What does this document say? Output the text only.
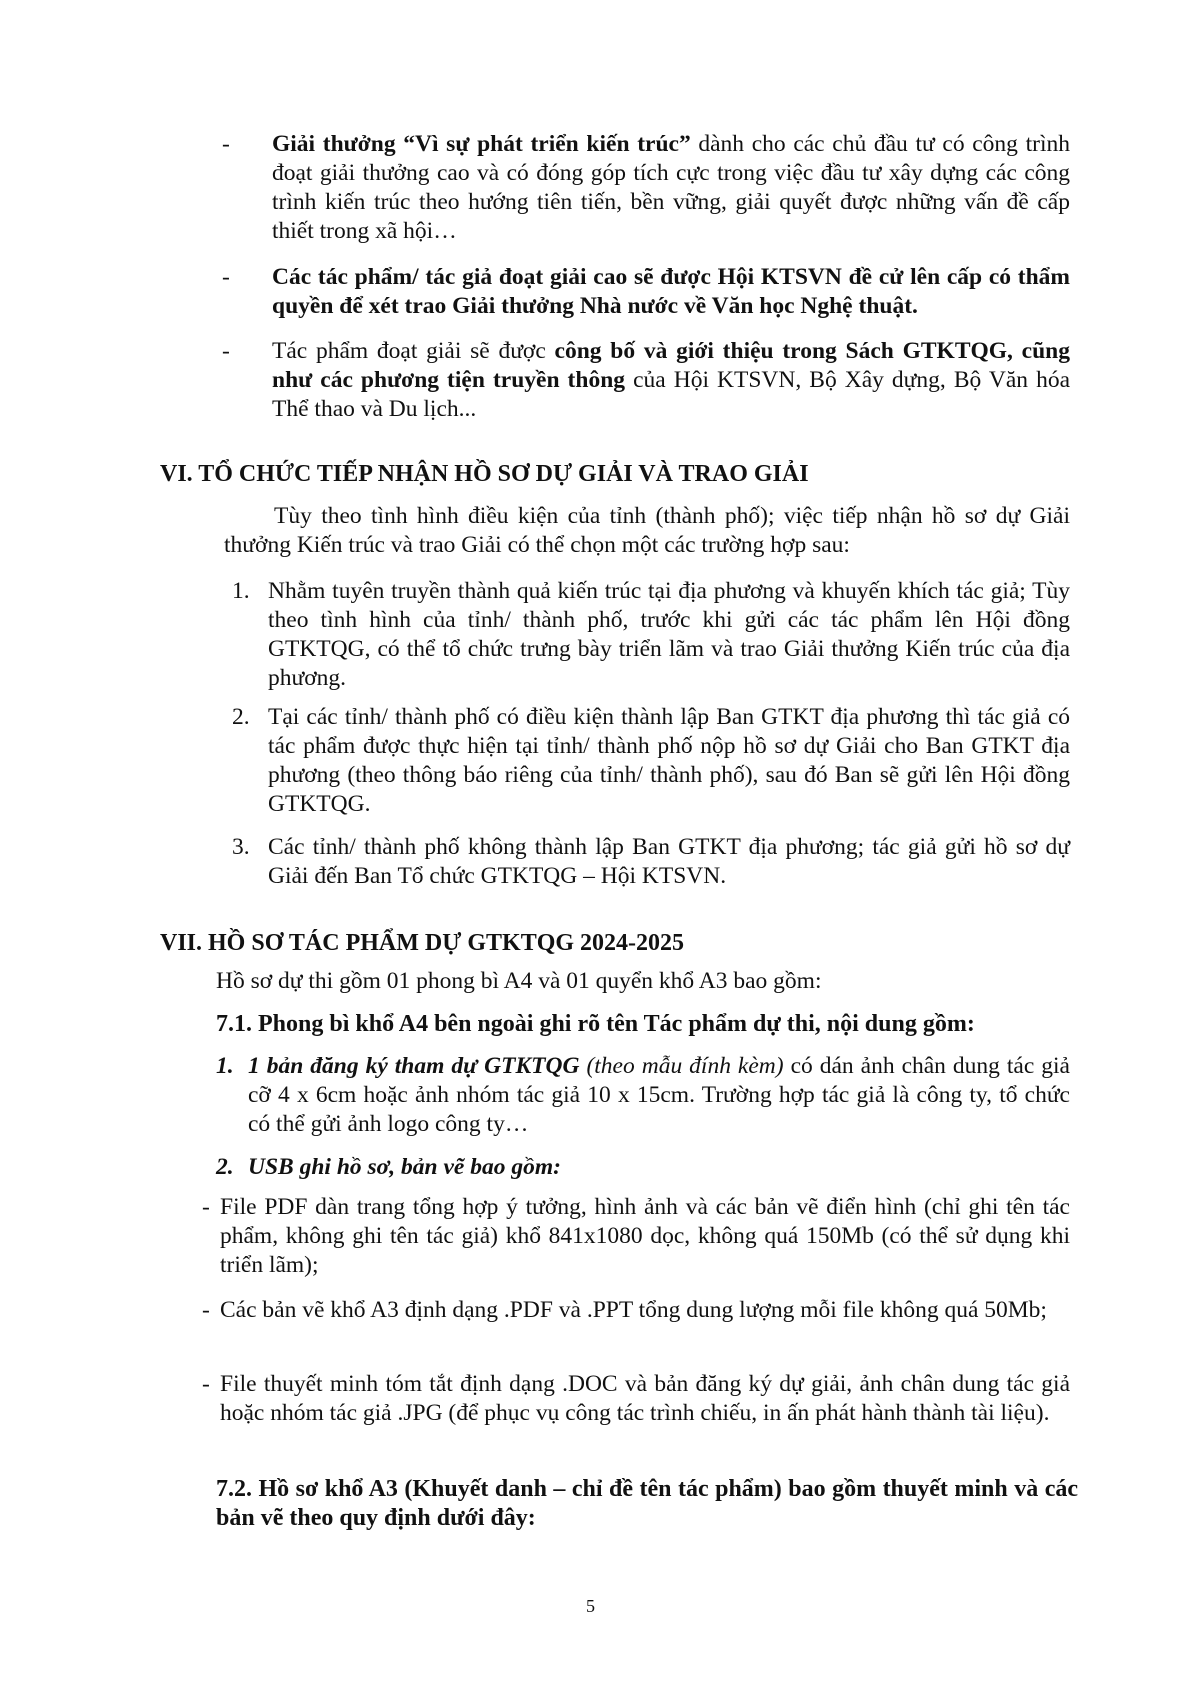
- Giải thưởng “Vì sự phát triển kiến trúc” dành cho các chủ đầu tư có công trình đoạt giải thưởng cao và có đóng góp tích cực trong việc đầu tư xây dựng các công trình kiến trúc theo hướng tiên tiến, bền vững, giải quyết được những vấn đề cấp thiết trong xã hội…
- Các tác phẩm/ tác giả đoạt giải cao sẽ được Hội KTSVN đề cử lên cấp có thẩm quyền để xét trao Giải thưởng Nhà nước về Văn học Nghệ thuật.
- Tác phẩm đoạt giải sẽ được công bố và giới thiệu trong Sách GTKTQG, cũng như các phương tiện truyền thông của Hội KTSVN, Bộ Xây dựng, Bộ Văn hóa Thể thao và Du lịch...
VI. TỔ CHỨC TIẾP NHẬN HỒ SƠ DỰ GIẢI VÀ TRAO GIẢI
Tùy theo tình hình điều kiện của tỉnh (thành phố); việc tiếp nhận hồ sơ dự Giải thưởng Kiến trúc và trao Giải có thể chọn một các trường hợp sau:
1. Nhằm tuyên truyền thành quả kiến trúc tại địa phương và khuyến khích tác giả; Tùy theo tình hình của tỉnh/ thành phố, trước khi gửi các tác phẩm lên Hội đồng GTKTQG, có thể tổ chức trưng bày triển lãm và trao Giải thưởng Kiến trúc của địa phương.
2. Tại các tỉnh/ thành phố có điều kiện thành lập Ban GTKT địa phương thì tác giả có tác phẩm được thực hiện tại tỉnh/ thành phố nộp hồ sơ dự Giải cho Ban GTKT địa phương (theo thông báo riêng của tỉnh/ thành phố), sau đó Ban sẽ gửi lên Hội đồng GTKTQG.
3. Các tỉnh/ thành phố không thành lập Ban GTKT địa phương; tác giả gửi hồ sơ dự Giải đến Ban Tổ chức GTKTQG – Hội KTSVN.
VII. HỒ SƠ TÁC PHẨM DỰ GTKTQG 2024-2025
Hồ sơ dự thi gồm 01 phong bì A4 và 01 quyển khổ A3 bao gồm:
7.1. Phong bì khổ A4 bên ngoài ghi rõ tên Tác phẩm dự thi, nội dung gồm:
1. 1 bản đăng ký tham dự GTKTQG (theo mẫu đính kèm) có dán ảnh chân dung tác giả cỡ 4 x 6cm hoặc ảnh nhóm tác giả 10 x 15cm. Trường hợp tác giả là công ty, tổ chức có thể gửi ảnh logo công ty…
2. USB ghi hồ sơ, bản vẽ bao gồm:
- File PDF dàn trang tổng hợp ý tưởng, hình ảnh và các bản vẽ điển hình (chỉ ghi tên tác phẩm, không ghi tên tác giả) khổ 841x1080 dọc, không quá 150Mb (có thể sử dụng khi triển lãm);
- Các bản vẽ khổ A3 định dạng .PDF và .PPT tổng dung lượng mỗi file không quá 50Mb;
- File thuyết minh tóm tắt định dạng .DOC và bản đăng ký dự giải, ảnh chân dung tác giả hoặc nhóm tác giả .JPG (để phục vụ công tác trình chiếu, in ấn phát hành thành tài liệu).
7.2. Hồ sơ khổ A3 (Khuyết danh – chỉ đề tên tác phẩm) bao gồm thuyết minh và các bản vẽ theo quy định dưới đây:
5
